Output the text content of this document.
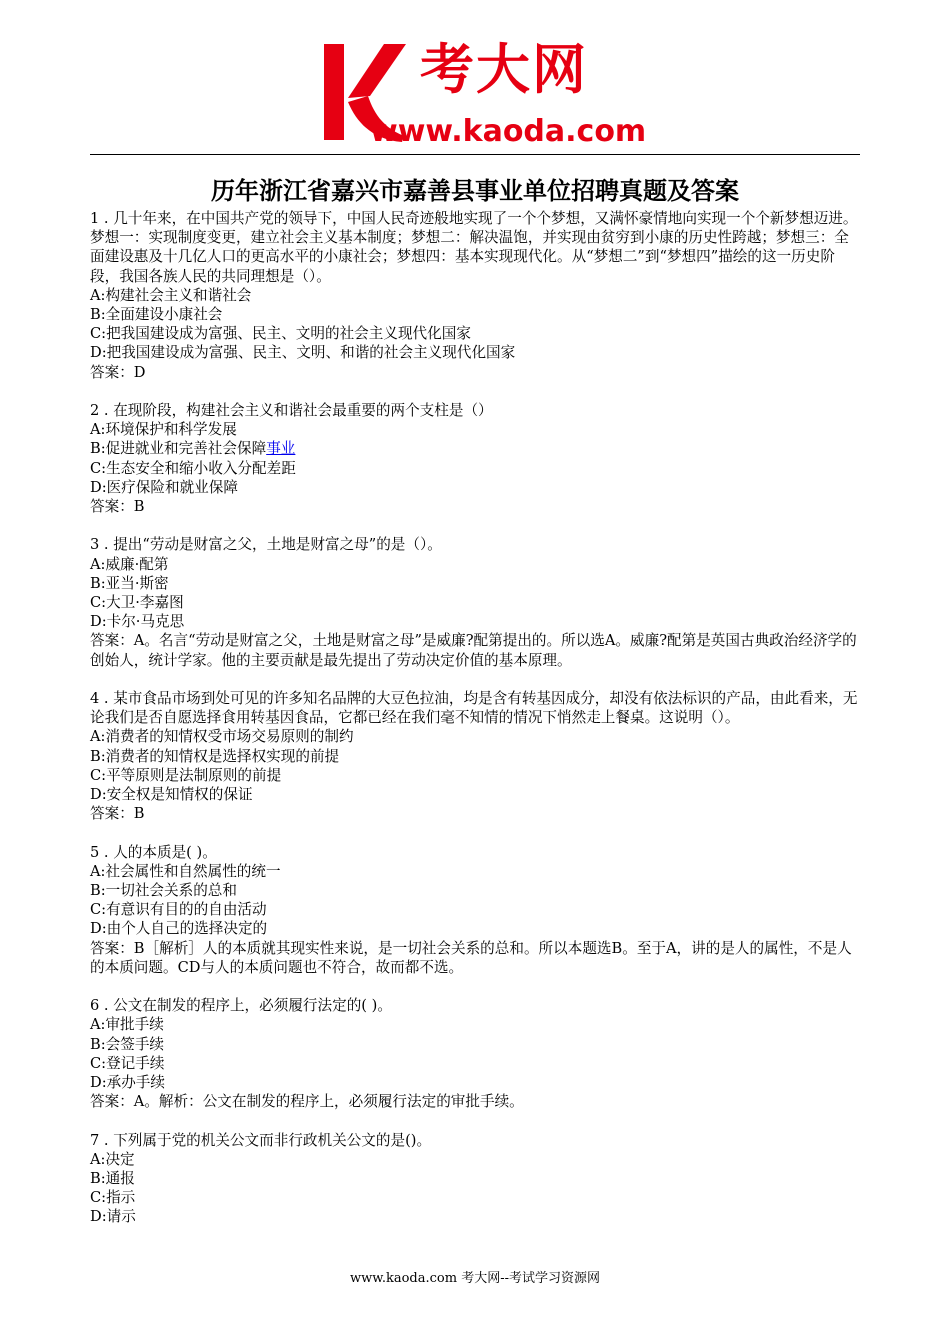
考大网
www.kaoda.com
历年浙江省嘉兴市嘉善县事业单位招聘真题及答案

1 . 几十年来，在中国共产党的领导下，中国人民奇迹般地实现了一个个梦想，又满怀豪情地向实现一个个新梦想迈进。梦想一：实现制度变更，建立社会主义基本制度；梦想二：解决温饱，并实现由贫穷到小康的历史性跨越；梦想三：全面建设惠及十几亿人口的更高水平的小康社会；梦想四：基本实现现代化。从“梦想二”到“梦想四”描绘的这一历史阶段，我国各族人民的共同理想是（）。

A:构建社会主义和谐社会

B:全面建设小康社会

C:把我国建设成为富强、民主、文明的社会主义现代化国家

D:把我国建设成为富强、民主、文明、和谐的社会主义现代化国家

答案：D

2 . 在现阶段，构建社会主义和谐社会最重要的两个支柱是（）

A:环境保护和科学发展

B:促进就业和完善社会保障事业

C:生态安全和缩小收入分配差距

D:医疗保险和就业保障

答案：B

3 . 提出“劳动是财富之父，土地是财富之母”的是（）。

A:威廉·配第

B:亚当·斯密

C:大卫·李嘉图

D:卡尔·马克思

答案：A。名言“劳动是财富之父，土地是财富之母”是威廉?配第提出的。所以选A。威廉?配第是英国古典政治经济学的创始人，统计学家。他的主要贡献是最先提出了劳动决定价值的基本原理。

4 . 某市食品市场到处可见的许多知名品牌的大豆色拉油，均是含有转基因成分，却没有依法标识的产品，由此看来，无论我们是否自愿选择食用转基因食品，它都已经在我们毫不知情的情况下悄然走上餐桌。这说明（）。

A:消费者的知情权受市场交易原则的制约

B:消费者的知情权是选择权实现的前提

C:平等原则是法制原则的前提

D:安全权是知情权的保证

答案：B

5 . 人的本质是( )。

A:社会属性和自然属性的统一

B:一切社会关系的总和

C:有意识有目的的自由活动

D:由个人自己的选择决定的

答案：B［解析］人的本质就其现实性来说，是一切社会关系的总和。所以本题选B。至于A，讲的是人的属性，不是人的本质问题。CD与人的本质问题也不符合，故而都不选。

6 . 公文在制发的程序上，必须履行法定的( )。

A:审批手续

B:会签手续

C:登记手续

D:承办手续

答案：A。解析：公文在制发的程序上，必须履行法定的审批手续。

7 . 下列属于党的机关公文而非行政机关公文的是()。

A:决定

B:通报

C:指示

D:请示

www.kaoda.com 考大网--考试学习资源网
